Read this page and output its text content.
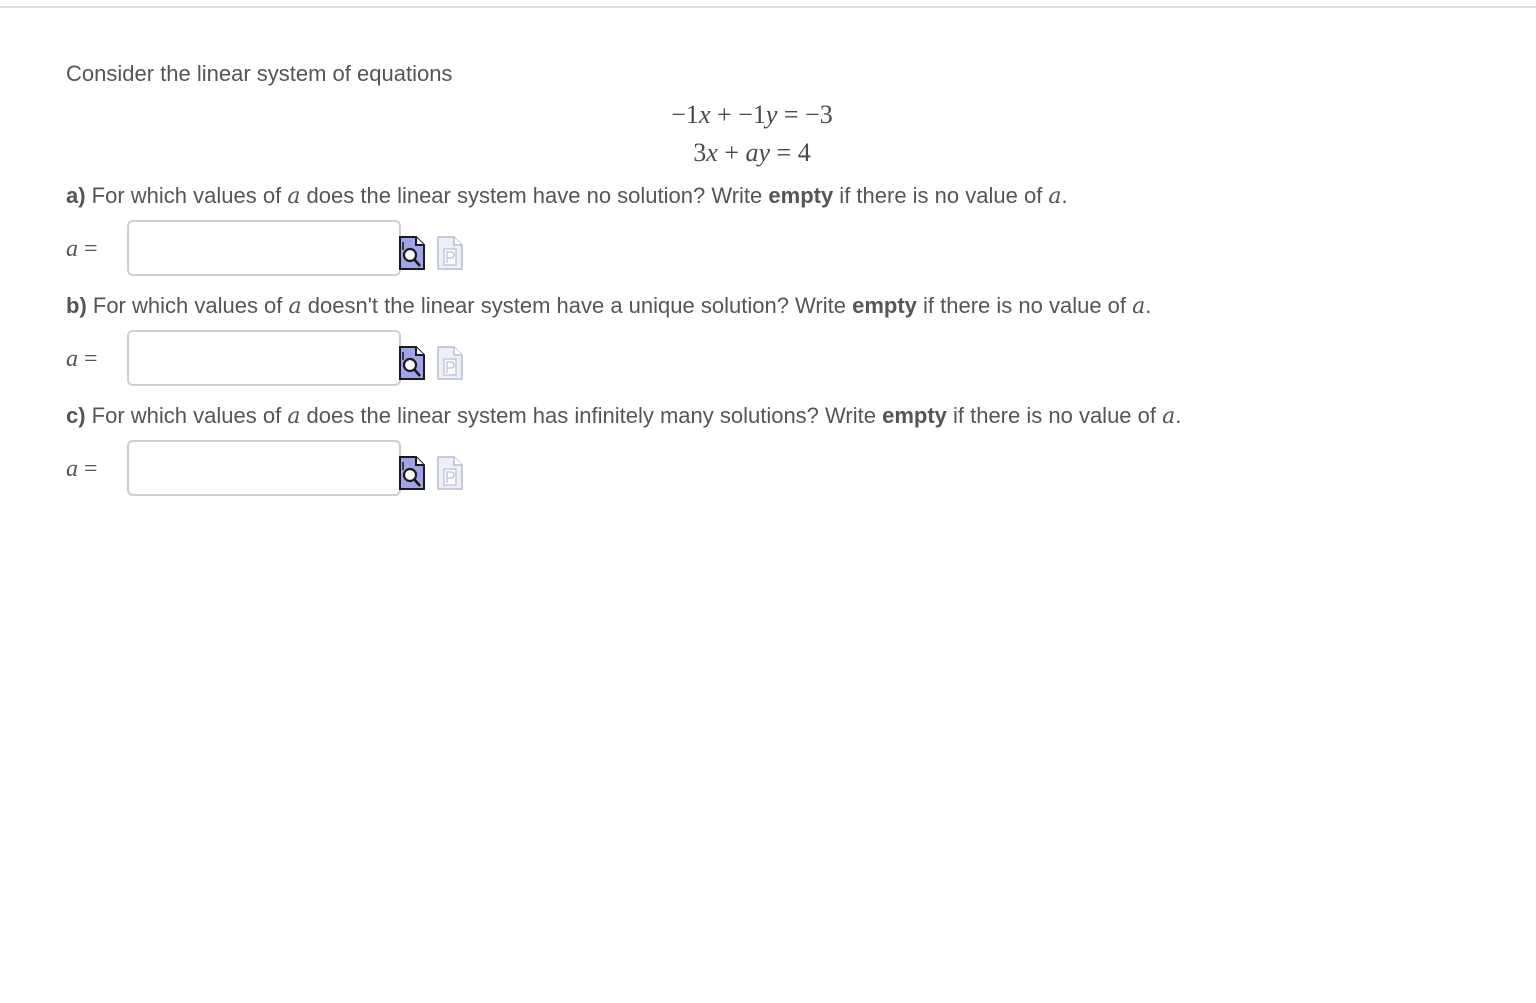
Consider the linear system of equations
−1x + −1y = −3
3x + ay = 4
a) For which values of a does the linear system have no solution? Write empty if there is no value of a.
a =
b) For which values of a doesn't the linear system have a unique solution? Write empty if there is no value of a.
a =
c) For which values of a does the linear system has infinitely many solutions? Write empty if there is no value of a.
a =
